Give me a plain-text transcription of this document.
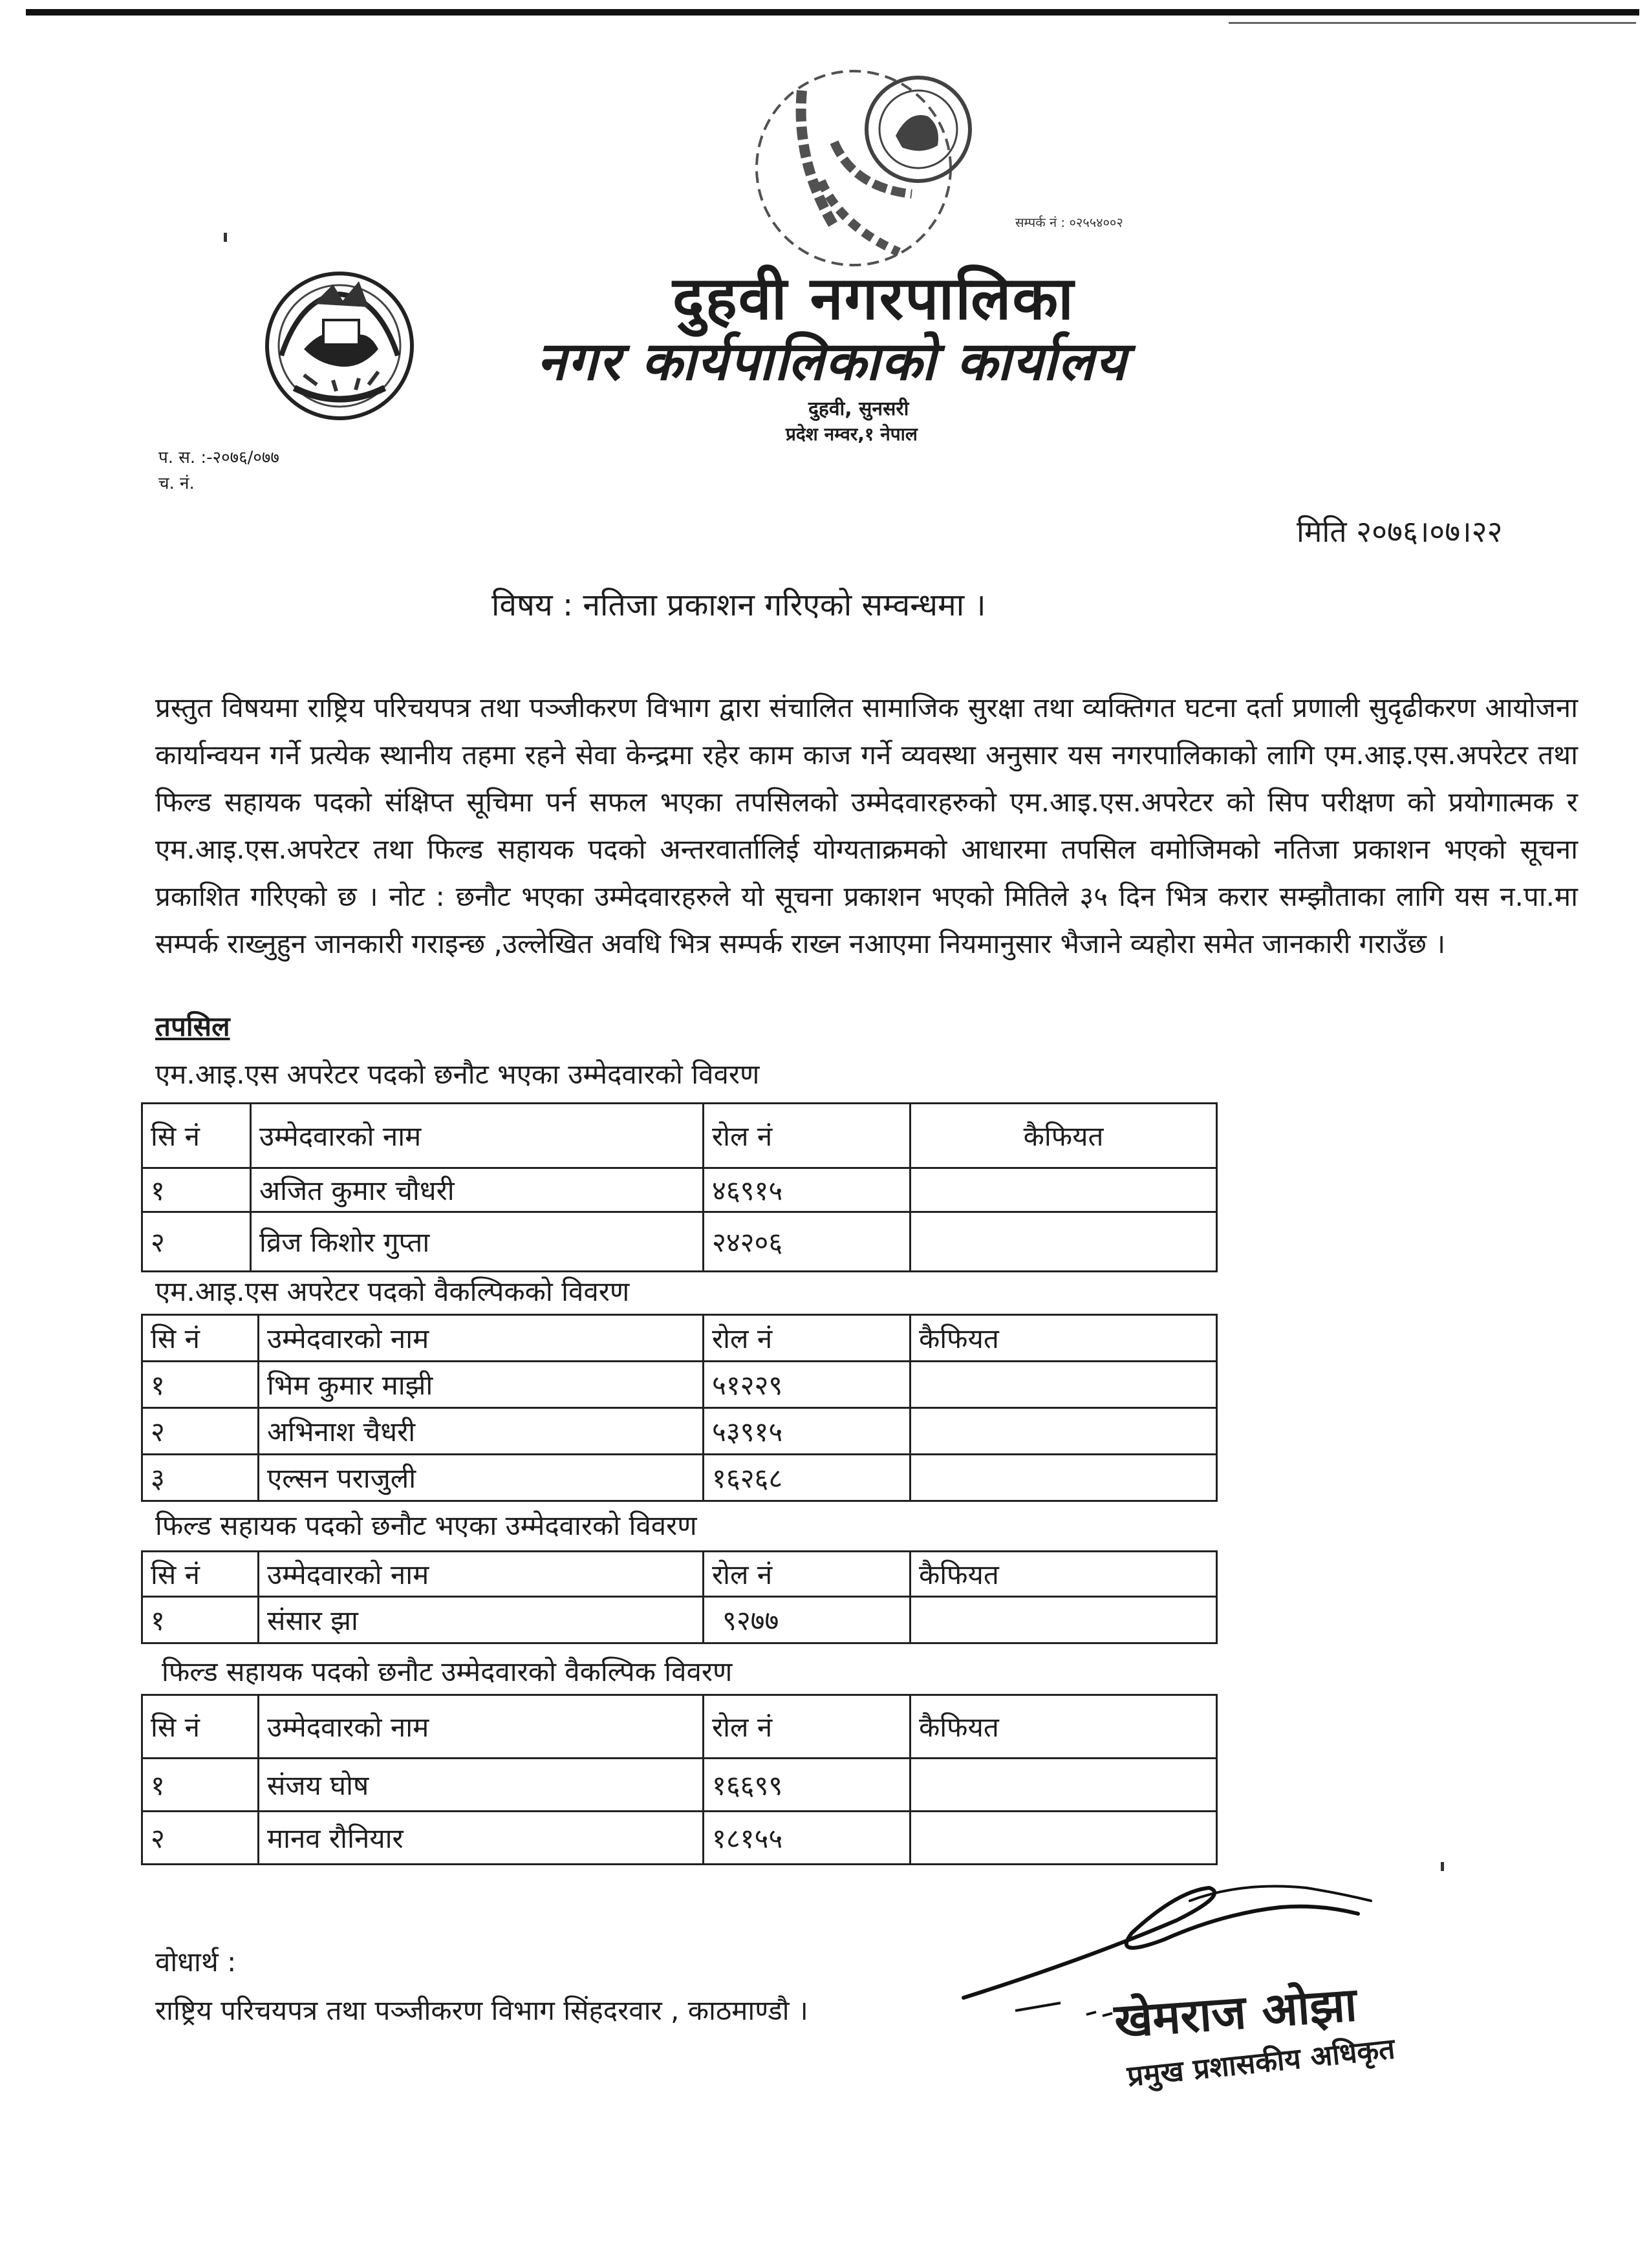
सम्पर्क नं : ०२५५४००२
दुहवी नगरपालिका
नगर कार्यपालिकाको कार्यालय
दुहवी, सुनसरी
प्रदेश नम्वर,१ नेपाल
प. स. :-२०७६/०७७
च. नं.
मिति २०७६।०७।२२
विषय : नतिजा प्रकाशन गरिएको सम्वन्धमा ।
प्रस्तुत विषयमा राष्ट्रिय परिचयपत्र तथा पञ्जीकरण विभाग द्वारा संचालित सामाजिक सुरक्षा तथा व्यक्तिगत घटना दर्ता प्रणाली सुदृढीकरण आयोजना कार्यान्वयन गर्ने प्रत्येक स्थानीय तहमा रहने सेवा केन्द्रमा रहेर काम काज गर्ने व्यवस्था अनुसार यस नगरपालिकाको लागि एम.आइ.एस.अपरेटर तथा फिल्ड सहायक पदको संक्षिप्त सूचिमा पर्न सफल भएका तपसिलको उम्मेदवारहरुको एम.आइ.एस.अपरेटर को सिप परीक्षण को प्रयोगात्मक र एम.आइ.एस.अपरेटर तथा फिल्ड सहायक पदको अन्तरवार्तालिई योग्यताक्रमको आधारमा तपसिल वमोजिमको नतिजा प्रकाशन भएको सूचना प्रकाशित गरिएको छ । नोट : छनौट भएका उम्मेदवारहरुले यो सूचना प्रकाशन भएको मितिले ३५ दिन भित्र करार सम्झौताका लागि यस न.पा.मा सम्पर्क राख्नुहुन जानकारी गराइन्छ ,उल्लेखित अवधि भित्र सम्पर्क राख्न नआएमा नियमानुसार भैजाने व्यहोरा समेत जानकारी गराउँछ ।
तपसिल
एम.आइ.एस अपरेटर पदको छनौट भएका उम्मेदवारको विवरण
सि नं	उम्मेदवारको नाम	रोल नं	कैफियत
१	अजित कुमार चौधरी	४६९१५	
२	व्रिज किशोर गुप्ता	२४२०६	
एम.आइ.एस अपरेटर पदको वैकल्पिकको विवरण
सि नं	उम्मेदवारको नाम	रोल नं	कैफियत
१	भिम कुमार माझी	५१२२९	
२	अभिनाश चैधरी	५३९१५	
३	एल्सन पराजुली	१६२६८	
फिल्ड सहायक पदको छनौट भएका उम्मेदवारको विवरण
सि नं	उम्मेदवारको नाम	रोल नं	कैफियत
१	संसार झा	९२७७	
फिल्ड सहायक पदको छनौट उम्मेदवारको वैकल्पिक विवरण
सि नं	उम्मेदवारको नाम	रोल नं	कैफियत
१	संजय घोष	१६६९९	
२	मानव रौनियार	१८१५५	
वोधार्थ :
राष्ट्रिय परिचयपत्र तथा पञ्जीकरण विभाग सिंहदरवार , काठमाण्डौ ।	खेमराज ओझा
प्रमुख प्रशासकीय अधिकृत
